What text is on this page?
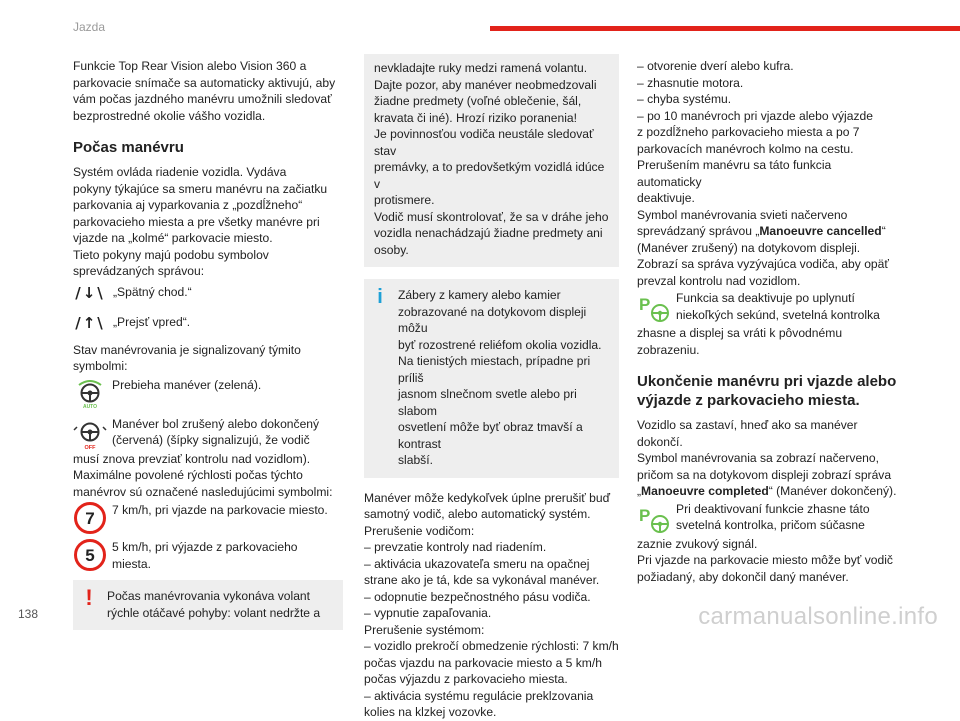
Jazda

Funkcie Top Rear Vision alebo Vision 360 a
parkovacie snímače sa automaticky aktivujú, aby
vám počas jazdného manévru umožnili sledovať
bezprostredné okolie vášho vozidla.

Počas manévru

Systém ovláda riadenie vozidla. Vydáva
pokyny týkajúce sa smeru manévru na začiatku
parkovania aj vyparkovania z „pozdĺžneho“
parkovacieho miesta a pre všetky manévre pri
vjazde na „kolmé“ parkovacie miesto.
Tieto pokyny majú podobu symbolov
sprevádzaných správou:

/↓\ „Spätný chod.“
/↑\ „Prejsť vpred“.

Stav manévrovania je signalizovaný týmito
symbolmi:

AUTO
Prebieha manéver (zelená).
OFF

Manéver bol zrušený alebo dokončený
(červená) (šípky signalizujú, že vodič

musí znova prevziať kontrolu nad vozidlom).

Maximálne povolené rýchlosti počas týchto
manévrov sú označené nasledujúcimi symbolmi:

7 7 km/h, pri vjazde na parkovacie miesto.
5 5 km/h, pri výjazde z parkovacieho
miesta.
!	Počas manévrovania vykonáva volant
rýchle otáčavé pohyby: volant nedržte a

nevkladajte ruky medzi ramená volantu.
Dajte pozor, aby manéver neobmedzovali
žiadne predmety (voľné oblečenie, šál,
kravata či iné). Hrozí riziko poranenia!
Je povinnosťou vodiča neustále sledovať stav
premávky, a to predovšetkým vozidlá idúce v
protismere.
Vodič musí skontrolovať, že sa v dráhe jeho
vozidla nenachádzajú žiadne predmety ani
osoby.

i	Zábery z kamery alebo kamier
zobrazované na dotykovom displeji môžu
byť rozostrené reliéfom okolia vozidla.
Na tienistých miestach, prípadne pri príliš
jasnom slnečnom svetle alebo pri slabom
osvetlení môže byť obraz tmavší a kontrast
slabší.

Manéver môže kedykoľvek úplne prerušiť buď
samotný vodič, alebo automatický systém.
Prerušenie vodičom:
– prevzatie kontroly nad riadením.
– aktivácia ukazovateľa smeru na opačnej
strane ako je tá, kde sa vykonával manéver.
– odopnutie bezpečnostného pásu vodiča.
– vypnutie zapaľovania.
Prerušenie systémom:
– vozidlo prekročí obmedzenie rýchlosti: 7 km/h
počas vjazdu na parkovacie miesto a 5 km/h
počas výjazdu z parkovacieho miesta.
– aktivácia systému regulácie preklzovania
kolies na klzkej vozovke.

– otvorenie dverí alebo kufra.
– zhasnutie motora.
– chyba systému.
– po 10 manévroch pri vjazde alebo výjazde
z pozdĺžneho parkovacieho miesta a po 7
parkovacích manévroch kolmo na cestu.
Prerušením manévru sa táto funkcia automaticky
deaktivuje.
Symbol manévrovania svieti načerveno
sprevádzaný správou „Manoeuvre cancelled“
(Manéver zrušený) na dotykovom displeji.
Zobrazí sa správa vyzývajúca vodiča, aby opäť
prevzal kontrolu nad vozidlom.

P	Funkcia sa deaktivuje po uplynutí
niekoľkých sekúnd, svetelná kontrolka

zhasne a displej sa vráti k pôvodnému
zobrazeniu.

Ukončenie manévru pri vjazde alebo
výjazde z parkovacieho miesta.

Vozidlo sa zastaví, hneď ako sa manéver
dokončí.
Symbol manévrovania sa zobrazí načerveno,
pričom sa na dotykovom displeji zobrazí správa
„Manoeuvre completed“ (Manéver dokončený).

P	Pri deaktivovaní funkcie zhasne táto
svetelná kontrolka, pričom súčasne

zaznie zvukový signál.
Pri vjazde na parkovacie miesto môže byť vodič
požiadaný, aby dokončil daný manéver.

138	carmanualsonline.info
